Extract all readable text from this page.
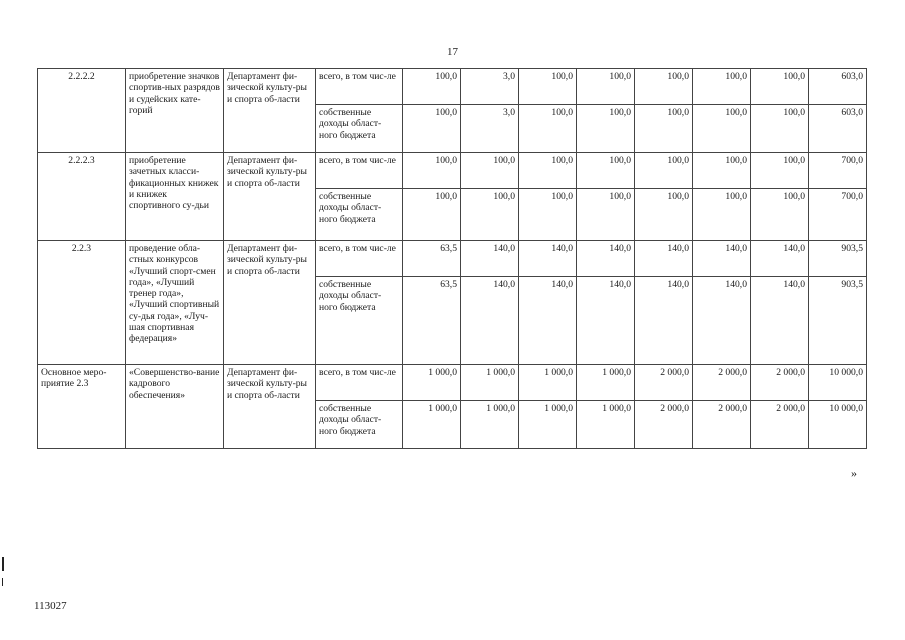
17
2.2.2.2	приобретение значков спортив-ных разрядов и судейских кате-горий	Департамент фи-зической культу-ры и спорта об-ласти	всего, в том чис-ле	100,0	3,0	100,0	100,0	100,0	100,0	100,0	603,0
			собственные доходы област-ного бюджета	100,0	3,0	100,0	100,0	100,0	100,0	100,0	603,0
2.2.2.3	приобретение зачетных класси-фикационных книжек и книжек спортивного су-дьи	Департамент фи-зической культу-ры и спорта об-ласти	всего, в том чис-ле	100,0	100,0	100,0	100,0	100,0	100,0	100,0	700,0
			собственные доходы област-ного бюджета	100,0	100,0	100,0	100,0	100,0	100,0	100,0	700,0
2.2.3	проведение обла-стных конкурсов «Лучший спорт-смен года», «Лучший тренер года», «Лучший спортивный су-дья года», «Луч-шая спортивная федерация»	Департамент фи-зической культу-ры и спорта об-ласти	всего, в том чис-ле	63,5	140,0	140,0	140,0	140,0	140,0	140,0	903,5
			собственные доходы област-ного бюджета	63,5	140,0	140,0	140,0	140,0	140,0	140,0	903,5
Основное меро-приятие 2.3	«Совершенство-вание кадрового обеспечения»	Департамент фи-зической культу-ры и спорта об-ласти	всего, в том чис-ле	1 000,0	1 000,0	1 000,0	1 000,0	2 000,0	2 000,0	2 000,0	10 000,0
			собственные доходы област-ного бюджета	1 000,0	1 000,0	1 000,0	1 000,0	2 000,0	2 000,0	2 000,0	10 000,0
»
113027
